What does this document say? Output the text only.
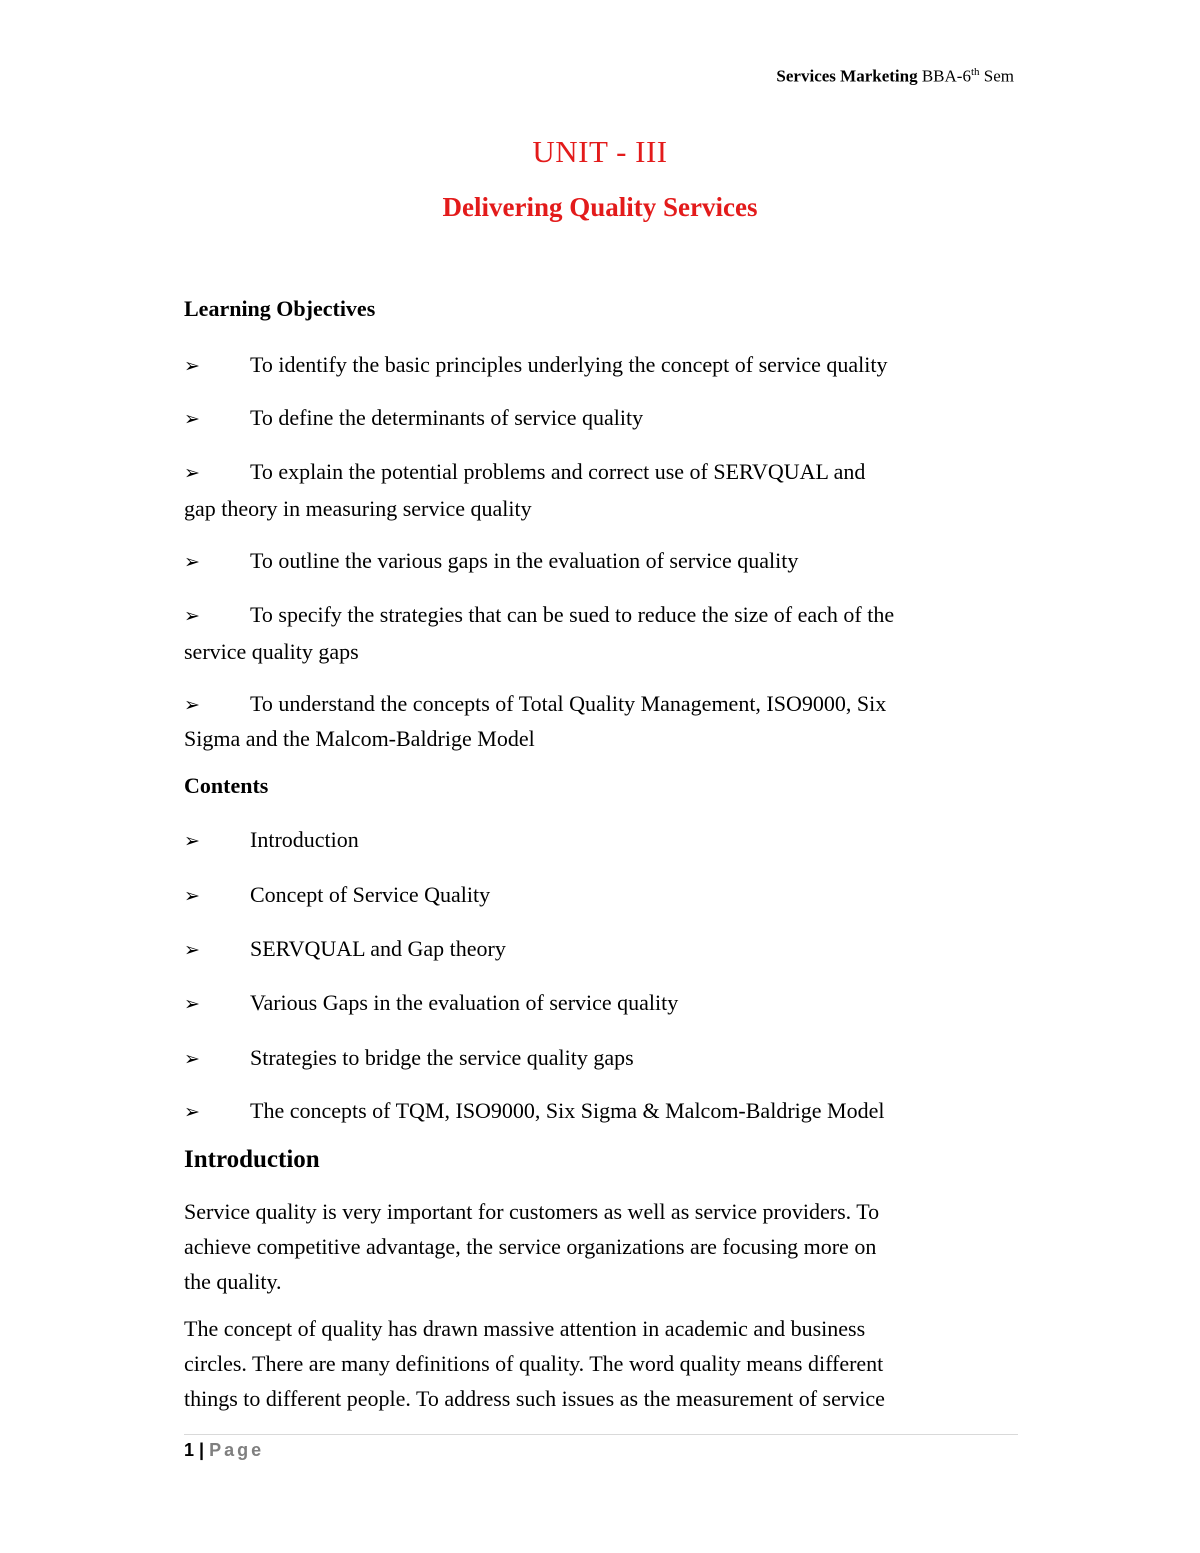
Services Marketing BBA-6th Sem
UNIT - III
Delivering Quality Services
Learning Objectives
➢ To identify the basic principles underlying the concept of service quality
➢ To define the determinants of service quality
➢ To explain the potential problems and correct use of SERVQUAL and
gap theory in measuring service quality
➢ To outline the various gaps in the evaluation of service quality
➢ To specify the strategies that can be sued to reduce the size of each of the
service quality gaps
➢ To understand the concepts of Total Quality Management, ISO9000, Six
Sigma and the Malcom-Baldrige Model
Contents
➢ Introduction
➢ Concept of Service Quality
➢ SERVQUAL and Gap theory
➢ Various Gaps in the evaluation of service quality
➢ Strategies to bridge the service quality gaps
➢ The concepts of TQM, ISO9000, Six Sigma & Malcom-Baldrige Model
Introduction
Service quality is very important for customers as well as service providers. To
achieve competitive advantage, the service organizations are focusing more on
the quality.
The concept of quality has drawn massive attention in academic and business
circles. There are many definitions of quality. The word quality means different
things to different people. To address such issues as the measurement of service
1 | Page
